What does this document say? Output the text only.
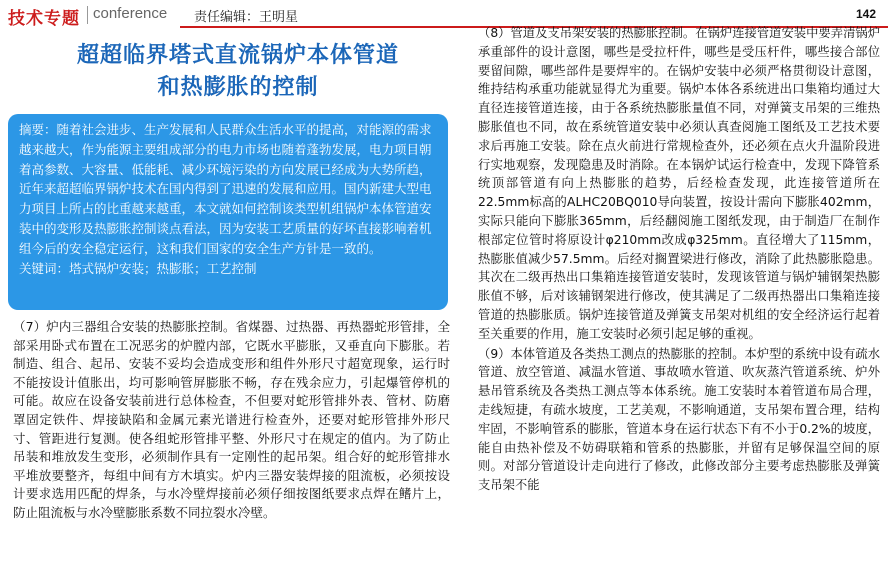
技术专题 conference 责任编辑：王明星	142
超超临界塔式直流锅炉本体管道
和热膨胀的控制

摘要：随着社会进步、生产发展和人民群众生活水平的提高，对能源的需求越来越大，作为能源主要组成部分的电力市场也随着蓬勃发展，电力项目朝着高参数、大容量、低能耗、减少环境污染的方向发展已经成为大势所趋，近年来超超临界锅炉技术在国内得到了迅速的发展和应用。国内新建大型电力项目上所占的比重越来越重，本文就如何控制该类型机组锅炉本体管道安装中的变形及热膨胀控制谈点看法，因为安装工艺质量的好坏直接影响着机组今后的安全稳定运行，这和我们国家的安全生产方针是一致的。

关键词：塔式锅炉安装；热膨胀；工艺控制

（7）炉内三器组合安装的热膨胀控制。省煤器、过热器、再热器蛇形管排，全部采用卧式布置在工况恶劣的炉膛内部，它既水平膨胀，又垂直向下膨胀。若制造、组合、起吊、安装不妥均会造成变形和组件外形尺寸超宽现象，运行时不能按设计值胀出，均可影响管屏膨胀不畅，存在残余应力，引起爆管停机的可能。故应在设备安装前进行总体检查，不但要对蛇形管排外表、管材、防磨罩固定铁件、焊接缺陷和金属元素光谱进行检查外，还要对蛇形管排外形尺寸、管距进行复测。使各组蛇形管排平整、外形尺寸在规定的值内。为了防止吊装和堆放发生变形，必须制作具有一定刚性的起吊架。组合好的蛇形管排水平堆放要整齐，每组中间有方木填实。炉内三器安装焊接的阻流板，必须按设计要求选用匹配的焊条，与水冷壁焊接前必须仔细按图纸要求点焊在鳍片上，防止阻流板与水冷壁膨胀系数不同拉裂水冷壁。

（8）管道及支吊架安装的热膨胀控制。在锅炉连接管道安装中要弄清锅炉承重部件的设计意图，哪些是受拉杆件，哪些是受压杆件，哪些接合部位要留间隙，哪些部件是要焊牢的。在锅炉安装中必须严格贯彻设计意图，维持结构承重功能就显得尤为重要。锅炉本体各系统进出口集箱均通过大直径连接管道连接，由于各系统热膨胀量值不同，对弹簧支吊架的三维热膨胀值也不同，故在系统管道安装中必须认真查阅施工图纸及工艺技术要求后再施工安装。除在点火前进行常规检查外，还必须在点火升温阶段进行实地观察，发现隐患及时消除。在本锅炉试运行检查中，发现下降管系统顶部管道有向上热膨胀的趋势，后经检查发现，此连接管道所在22.5mm标高的ALHC20BQ010导向装置，按设计需向下膨胀402mm，实际只能向下膨胀365mm，后经翻阅施工图纸发现，由于制造厂在制作根部定位管时将原设计φ210mm改成φ325mm。直径增大了115mm，热膨胀值减少57.5mm。后经对搁置梁进行修改，消除了此热膨胀隐患。其次在二级再热出口集箱连接管道安装时，发现该管道与锅炉辅钢架热膨胀值不够，后对该辅钢架进行修改，使其满足了二级再热器出口集箱连接管道的热膨胀质。锅炉连接管道及弹簧支吊架对机组的安全经济运行起着至关重要的作用，施工安装时必须引起足够的重视。

（9）本体管道及各类热工测点的热膨胀的控制。本炉型的系统中设有疏水管道、放空管道、减温水管道、事故喷水管道、吹灰蒸汽管道系统、炉外悬吊管系统及各类热工测点等本体系统。施工安装时本着管道布局合理，走线短捷，有疏水坡度，工艺美观，不影响通道，支吊架布置合理，结构牢固，不影响管系的膨胀，管道本身在运行状态下有不小于0.2%的坡度，能自由热补偿及不妨碍联箱和管系的热膨胀，并留有足够保温空间的原则。对部分管道设计走向进行了修改，此修改部分主要考虑热膨胀及弹簧支吊架不能
